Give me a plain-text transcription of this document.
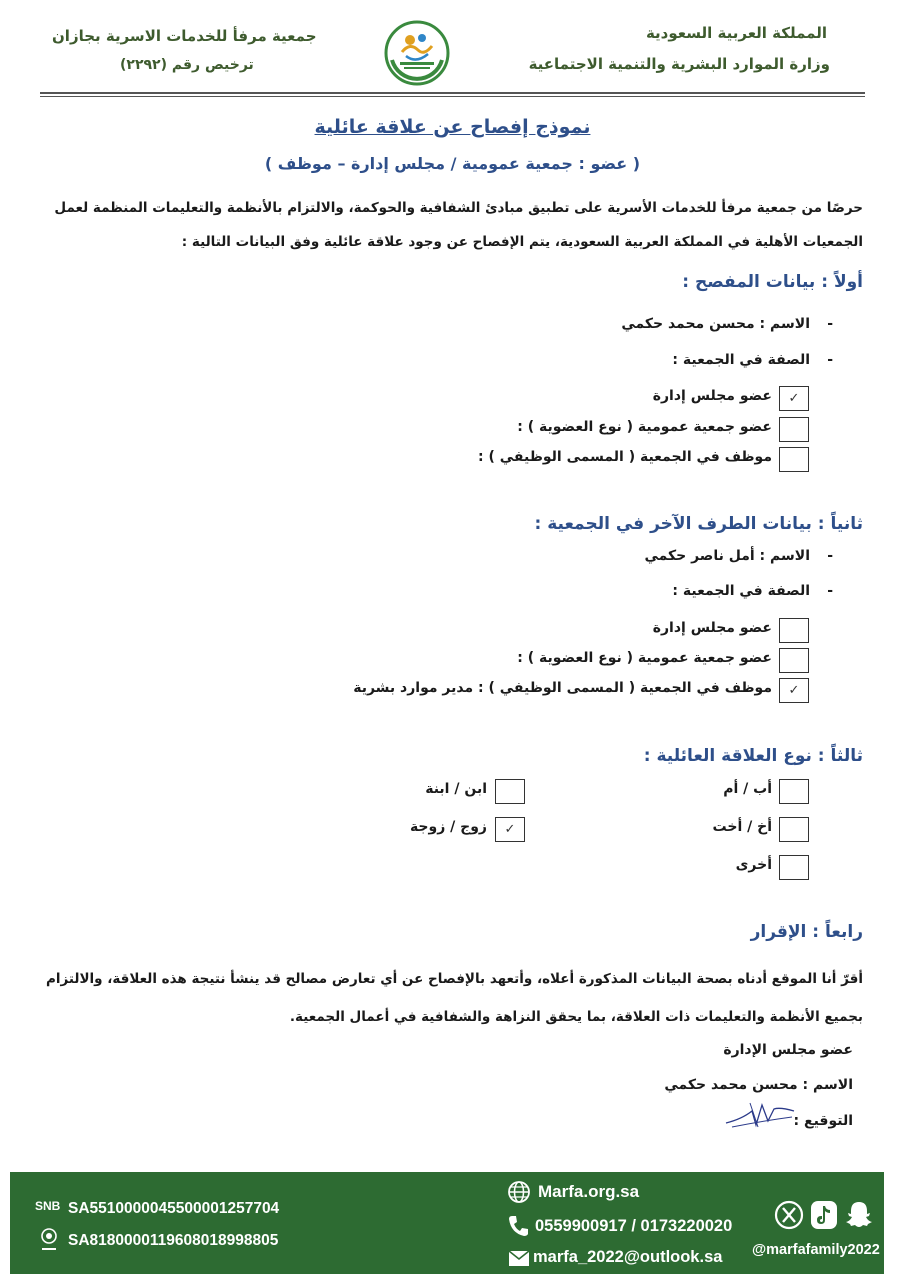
المملكة العربية السعودية
وزارة الموارد البشرية والتنمية الاجتماعية
جمعية مرفأ للخدمات الاسرية بجازان
ترخيص رقم (٢٢٩٢)
نموذج إفصاح عن علاقة عائلية
( عضو : جمعية عمومية / مجلس إدارة – موظف )
حرصًا من جمعية مرفأ للخدمات الأسرية على تطبيق مبادئ الشفافية والحوكمة، والالتزام بالأنظمة والتعليمات المنظمة لعمل الجمعيات الأهلية في المملكة العربية السعودية، يتم الإفصاح عن وجود علاقة عائلية وفق البيانات التالية :
أولاً : بيانات المفصح :
-
الاسم : محسن محمد حكمي
-
الصفة في الجمعية :
✓
عضو مجلس إدارة
عضو جمعية عمومية ( نوع العضوية ) :
موظف في الجمعية ( المسمى الوظيفي ) :
ثانياً : بيانات الطرف الآخر في الجمعية :
-
الاسم : أمل ناصر حكمي
-
الصفة في الجمعية :
عضو مجلس إدارة
عضو جمعية عمومية ( نوع العضوية ) :
✓
موظف في الجمعية ( المسمى الوظيفي ) : مدير موارد بشرية
ثالثاً : نوع العلاقة العائلية :
أب / أم
ابن / ابنة
أخ / أخت
✓
زوج / زوجة
أخرى
رابعاً : الإقرار
أقرّ أنا الموقع أدناه بصحة البيانات المذكورة أعلاه، وأتعهد بالإفصاح عن أي تعارض مصالح قد ينشأ نتيجة هذه العلاقة، والالتزام بجميع الأنظمة والتعليمات ذات العلاقة، بما يحقق النزاهة والشفافية في أعمال الجمعية.
عضو مجلس الإدارة
الاسم : محسن محمد حكمي
التوقيع :
SNB SA5510000045500001257704
SA8180000119608018998805
Marfa.org.sa
0559900917 / 0173220020
marfa_2022@outlook.sa @marfafamily2022
